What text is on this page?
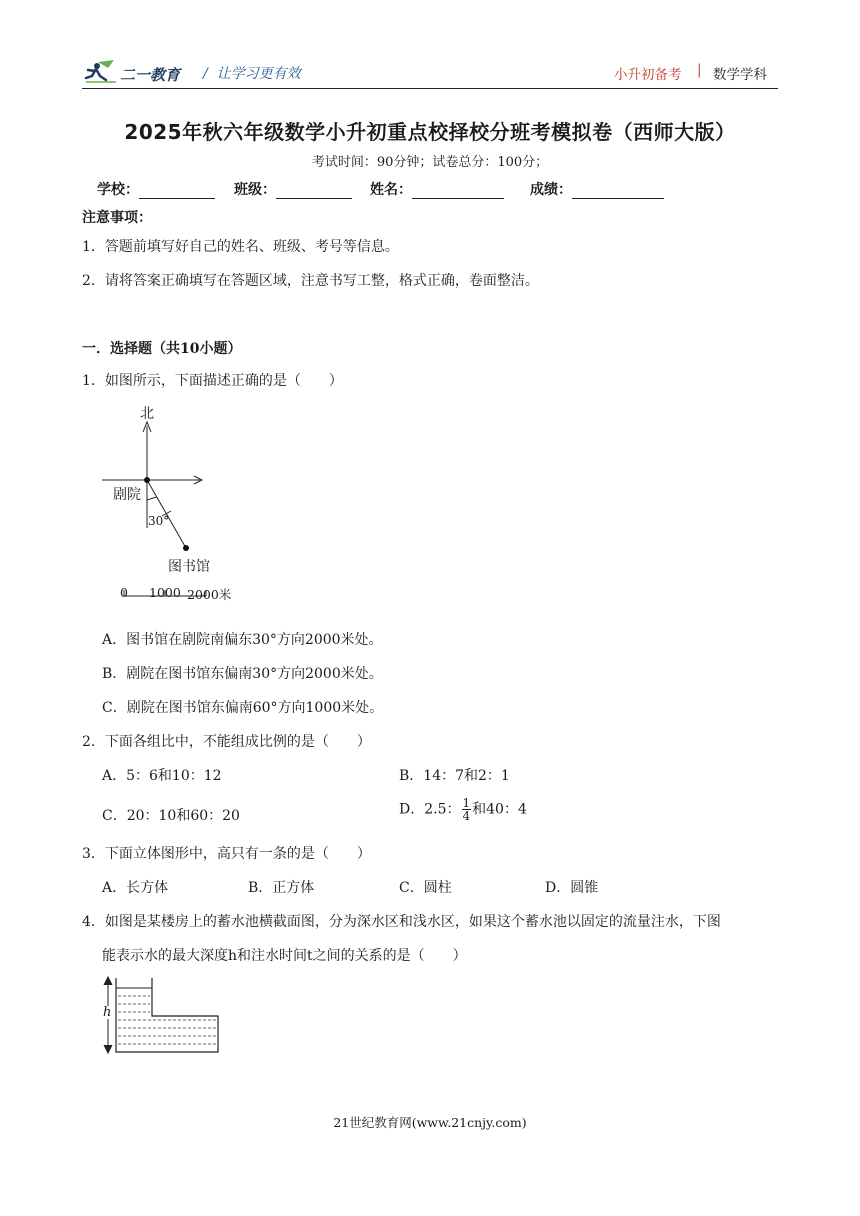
二一教育 /  让学习更有效	小升初备考 | 数学学科
2025年秋六年级数学小升初重点校择校分班考模拟卷（西师大版）
考试时间：90分钟；试卷总分：100分；
学校：	班级：	姓名：	成绩：
注意事项：
1．答题前填写好自己的姓名、班级、考号等信息。
2．请将答案正确填写在答题区域，注意书写工整，格式正确，卷面整洁。
一．选择题（共10小题）
1．如图所示，下面描述正确的是（　　）
北
剧院
30°
图书馆
0 1000 2000米
A．图书馆在剧院南偏东30°方向2000米处。
B．剧院在图书馆东偏南30°方向2000米处。
C．剧院在图书馆东偏南60°方向1000米处。
2．下面各组比中，不能组成比例的是（　　）
A．5：6和10：12	B．14：7和2：1
C．20：10和60：20	D．2.5： $\frac{1}{4}$ 和40：4
3．下面立体图形中，高只有一条的是（　　）
A．长方体	B．正方体	C．圆柱	D．圆锥
4．如图是某楼房上的蓄水池横截面图，分为深水区和浅水区，如果这个蓄水池以固定的流量注水，下图
能表示水的最大深度h和注水时间t之间的关系的是（　　）
h
21世纪教育网(www.21cnjy.com)
